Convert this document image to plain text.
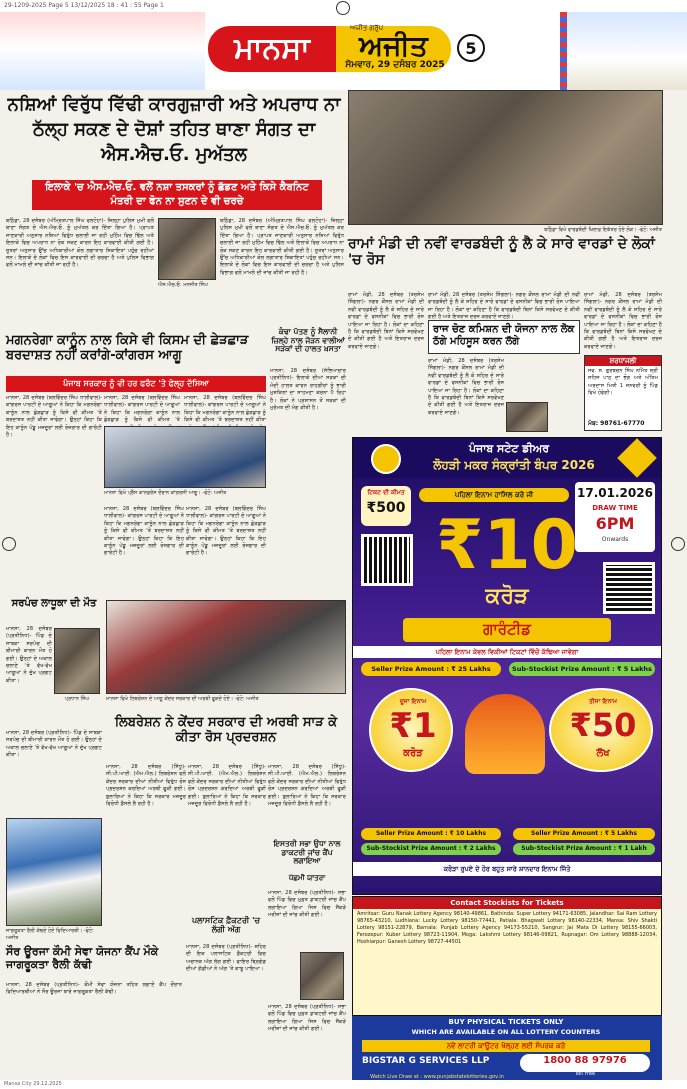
29-1209-2025 Page 5 13/12/2025 18 : 41 : 55 Page 1
ਮਾਨਸਾ	ਅਜੀਤ
ਅਜੀਤ ਗਰੁੱਪ
ਸੋਮਵਾਰ, 29 ਦਸੰਬਰ 2025
5
ਨਸ਼ਿਆਂ ਵਿਰੁੱਧ ਵਿੱਢੀ ਕਾਰਗੁਜ਼ਾਰੀ ਅਤੇ ਅਪਰਾਧ ਨਾ ਠੱਲ੍ਹ ਸਕਣ ਦੇ ਦੋਸ਼ਾਂ ਤਹਿਤ ਥਾਣਾ ਸੰਗਤ ਦਾ ਐਸ.ਐਚ.ਓ. ਮੁਅੱਤਲ
ਇਲਾਕੇ 'ਚ ਐਸ.ਐਚ.ਓ. ਵਲੋਂ ਨਸ਼ਾ ਤਸਕਰਾਂ ਨੂੰ ਛੱਡਣ ਅਤੇ ਕਿਸੇ ਕੈਬਨਿਟ ਮੰਤਰੀ ਦਾ ਫੋਨ ਨਾ ਸੁਣਨ ਦੇ ਵੀ ਚਰਚੇ
ਬਠਿੰਡਾ, 28 ਦਸੰਬਰ (ਅੰਮ੍ਰਿਤਪਾਲ ਸਿੰਘ ਵਲਟੋਹਾ)- ਜ਼ਿਲ੍ਹਾ ਪੁਲਿਸ ਮੁਖੀ ਵਲੋਂ ਥਾਣਾ ਸੰਗਤ ਦੇ ਐਸ.ਐਚ.ਓ. ਨੂੰ ਮੁਅੱਤਲ ਕਰ ਦਿੱਤਾ ਗਿਆ ਹੈ। ਪ੍ਰਾਪਤ ਜਾਣਕਾਰੀ ਅਨੁਸਾਰ ਨਸ਼ਿਆਂ ਵਿਰੁੱਧ ਚਲਾਈ ਜਾ ਰਹੀ ਮੁਹਿੰਮ ਵਿਚ ਢਿੱਲ ਅਤੇ ਇਲਾਕੇ ਵਿਚ ਅਪਰਾਧ ਨਾ ਰੋਕ ਸਕਣ ਕਾਰਨ ਇਹ ਕਾਰਵਾਈ ਕੀਤੀ ਗਈ ਹੈ। ਸੂਤਰਾਂ ਅਨੁਸਾਰ ਉੱਚ ਅਧਿਕਾਰੀਆਂ ਕੋਲ ਲਗਾਤਾਰ ਸ਼ਿਕਾਇਤਾਂ ਪਹੁੰਚ ਰਹੀਆਂ ਸਨ। ਇਲਾਕੇ ਦੇ ਲੋਕਾਂ ਵਿਚ ਇਸ ਕਾਰਵਾਈ ਦੀ ਚਰਚਾ ਹੈ ਅਤੇ ਪੁਲਿਸ ਵਿਭਾਗ ਵਲੋਂ ਮਾਮਲੇ ਦੀ ਜਾਂਚ ਕੀਤੀ ਜਾ ਰਹੀ ਹੈ।
ਐਸ.ਐਚ.ਓ. ਮਨਜੀਤ ਸਿੰਘ
ਬਠਿੰਡਾ, 28 ਦਸੰਬਰ (ਅੰਮ੍ਰਿਤਪਾਲ ਸਿੰਘ ਵਲਟੋਹਾ)- ਜ਼ਿਲ੍ਹਾ ਪੁਲਿਸ ਮੁਖੀ ਵਲੋਂ ਥਾਣਾ ਸੰਗਤ ਦੇ ਐਸ.ਐਚ.ਓ. ਨੂੰ ਮੁਅੱਤਲ ਕਰ ਦਿੱਤਾ ਗਿਆ ਹੈ। ਪ੍ਰਾਪਤ ਜਾਣਕਾਰੀ ਅਨੁਸਾਰ ਨਸ਼ਿਆਂ ਵਿਰੁੱਧ ਚਲਾਈ ਜਾ ਰਹੀ ਮੁਹਿੰਮ ਵਿਚ ਢਿੱਲ ਅਤੇ ਇਲਾਕੇ ਵਿਚ ਅਪਰਾਧ ਨਾ ਰੋਕ ਸਕਣ ਕਾਰਨ ਇਹ ਕਾਰਵਾਈ ਕੀਤੀ ਗਈ ਹੈ। ਸੂਤਰਾਂ ਅਨੁਸਾਰ ਉੱਚ ਅਧਿਕਾਰੀਆਂ ਕੋਲ ਲਗਾਤਾਰ ਸ਼ਿਕਾਇਤਾਂ ਪਹੁੰਚ ਰਹੀਆਂ ਸਨ। ਇਲਾਕੇ ਦੇ ਲੋਕਾਂ ਵਿਚ ਇਸ ਕਾਰਵਾਈ ਦੀ ਚਰਚਾ ਹੈ ਅਤੇ ਪੁਲਿਸ ਵਿਭਾਗ ਵਲੋਂ ਮਾਮਲੇ ਦੀ ਜਾਂਚ ਕੀਤੀ ਜਾ ਰਹੀ ਹੈ।
ਬਠਿੰਡਾ ਵਿਖੇ ਵਾਰਡਬੰਦੀ ਖ਼ਿਲਾਫ਼ ਇਕੱਤਰ ਹੋਏ ਲੋਕ। -ਫੋਟੋ: ਅਜੀਤ
ਰਾਮਾਂ ਮੰਡੀ ਦੀ ਨਵੀਂ ਵਾਰਡਬੰਦੀ ਨੂੰ ਲੈ ਕੇ ਸਾਰੇ ਵਾਰਡਾਂ ਦੇ ਲੋਕਾਂ 'ਚ ਰੋਸ
ਰਾਮਾਂ ਮੰਡੀ, 28 ਦਸੰਬਰ (ਤਰਸੇਮ ਸਿੰਗਲਾ)- ਨਗਰ ਕੌਂਸਲ ਰਾਮਾਂ ਮੰਡੀ ਦੀ ਨਵੀਂ ਵਾਰਡਬੰਦੀ ਨੂੰ ਲੈ ਕੇ ਸ਼ਹਿਰ ਦੇ ਸਾਰੇ ਵਾਰਡਾਂ ਦੇ ਵਸਨੀਕਾਂ ਵਿਚ ਭਾਰੀ ਰੋਸ ਪਾਇਆ ਜਾ ਰਿਹਾ ਹੈ। ਲੋਕਾਂ ਦਾ ਕਹਿਣਾ ਹੈ ਕਿ ਵਾਰਡਬੰਦੀ ਬਿਨਾਂ ਕਿਸੇ ਸਰਵੇਖਣ ਦੇ ਕੀਤੀ ਗਈ ਹੈ ਅਤੇ ਇਤਰਾਜ਼ ਦਰਜ ਕਰਵਾਏ ਜਾਣਗੇ।
ਰਾਜ ਚੋਣ ਕਮਿਸ਼ਨ ਦੀ ਯੋਜਨਾ ਨਾਲ ਲੋਕ ਠੱਗੇ ਮਹਿਸੂਸ ਕਰਨ ਲੱਗੇ
ਰਾਮਾਂ ਮੰਡੀ, 28 ਦਸੰਬਰ (ਤਰਸੇਮ ਸਿੰਗਲਾ)- ਨਗਰ ਕੌਂਸਲ ਰਾਮਾਂ ਮੰਡੀ ਦੀ ਨਵੀਂ ਵਾਰਡਬੰਦੀ ਨੂੰ ਲੈ ਕੇ ਸ਼ਹਿਰ ਦੇ ਸਾਰੇ ਵਾਰਡਾਂ ਦੇ ਵਸਨੀਕਾਂ ਵਿਚ ਭਾਰੀ ਰੋਸ ਪਾਇਆ ਜਾ ਰਿਹਾ ਹੈ। ਲੋਕਾਂ ਦਾ ਕਹਿਣਾ ਹੈ ਕਿ ਵਾਰਡਬੰਦੀ ਬਿਨਾਂ ਕਿਸੇ ਸਰਵੇਖਣ ਦੇ ਕੀਤੀ ਗਈ ਹੈ ਅਤੇ ਇਤਰਾਜ਼ ਦਰਜ ਕਰਵਾਏ ਜਾਣਗੇ।
ਰਾਮਾਂ ਮੰਡੀ, 28 ਦਸੰਬਰ (ਤਰਸੇਮ ਸਿੰਗਲਾ)- ਨਗਰ ਕੌਂਸਲ ਰਾਮਾਂ ਮੰਡੀ ਦੀ ਨਵੀਂ ਵਾਰਡਬੰਦੀ ਨੂੰ ਲੈ ਕੇ ਸ਼ਹਿਰ ਦੇ ਸਾਰੇ ਵਾਰਡਾਂ ਦੇ ਵਸਨੀਕਾਂ ਵਿਚ ਭਾਰੀ ਰੋਸ ਪਾਇਆ ਜਾ ਰਿਹਾ ਹੈ। ਲੋਕਾਂ ਦਾ ਕਹਿਣਾ ਹੈ ਕਿ ਵਾਰਡਬੰਦੀ ਬਿਨਾਂ ਕਿਸੇ ਸਰਵੇਖਣ ਦੇ ਕੀਤੀ ਗਈ ਹੈ ਅਤੇ ਇਤਰਾਜ਼ ਦਰਜ ਕਰਵਾਏ ਜਾਣਗੇ।
ਰਾਮਾਂ ਮੰਡੀ, 28 ਦਸੰਬਰ (ਤਰਸੇਮ ਸਿੰਗਲਾ)- ਨਗਰ ਕੌਂਸਲ ਰਾਮਾਂ ਮੰਡੀ ਦੀ ਨਵੀਂ ਵਾਰਡਬੰਦੀ ਨੂੰ ਲੈ ਕੇ ਸ਼ਹਿਰ ਦੇ ਸਾਰੇ ਵਾਰਡਾਂ ਦੇ ਵਸਨੀਕਾਂ ਵਿਚ ਭਾਰੀ ਰੋਸ ਪਾਇਆ ਜਾ ਰਿਹਾ ਹੈ। ਲੋਕਾਂ ਦਾ ਕਹਿਣਾ ਹੈ ਕਿ ਵਾਰਡਬੰਦੀ ਬਿਨਾਂ ਕਿਸੇ ਸਰਵੇਖਣ ਦੇ ਕੀਤੀ ਗਈ ਹੈ ਅਤੇ ਇਤਰਾਜ਼ ਦਰਜ ਕਰਵਾਏ ਜਾਣਗੇ।
ਸ਼ਰਧਾਂਜਲੀ
ਸਵ. ਸ. ਗੁਰਬਚਨ ਸਿੰਘ ਨਮਿੱਤ ਸ਼੍ਰੀ ਸਹਿਜ ਪਾਠ ਦਾ ਭੋਗ ਅਤੇ ਅੰਤਿਮ ਅਰਦਾਸ ਮਿਤੀ 1 ਜਨਵਰੀ ਨੂੰ ਪਿੰਡ ਵਿਖੇ ਹੋਵੇਗੀ।
ਮੋਬ: 98761-67770
ਮਗਨਰੇਗਾ ਕਾਨੂੰਨ ਨਾਲ ਕਿਸੇ ਵੀ ਕਿਸਮ ਦੀ ਛੇੜਛਾੜ ਬਰਦਾਸ਼ਤ ਨਹੀਂ ਕਰਾਂਗੇ-ਕਾਂਗਰਸ ਆਗੂ
ਪੰਜਾਬ ਸਰਕਾਰ ਨੂੰ ਵੀ ਹਰ ਫਰੰਟ 'ਤੇ ਫੇਲ੍ਹ ਦੱਸਿਆ
ਮਾਨਸਾ, 28 ਦਸੰਬਰ (ਬਲਵਿੰਦਰ ਸਿੰਘ ਧਾਲੀਵਾਲ)- ਕਾਂਗਰਸ ਪਾਰਟੀ ਦੇ ਆਗੂਆਂ ਨੇ ਕਿਹਾ ਕਿ ਮਗਨਰੇਗਾ ਕਾਨੂੰਨ ਨਾਲ ਛੇੜਛਾੜ ਨੂੰ ਕਿਸੇ ਵੀ ਕੀਮਤ 'ਤੇ ਬਰਦਾਸ਼ਤ ਨਹੀਂ ਕੀਤਾ ਜਾਵੇਗਾ। ਉਨ੍ਹਾਂ ਕਿਹਾ ਕਿ ਇਹ ਕਾਨੂੰਨ ਪੇਂਡੂ ਮਜ਼ਦੂਰਾਂ ਲਈ ਰੋਜ਼ਗਾਰ ਦੀ ਗਾਰੰਟੀ ਹੈ।
ਮਾਨਸਾ, 28 ਦਸੰਬਰ (ਬਲਵਿੰਦਰ ਸਿੰਘ ਧਾਲੀਵਾਲ)- ਕਾਂਗਰਸ ਪਾਰਟੀ ਦੇ ਆਗੂਆਂ ਨੇ ਕਿਹਾ ਕਿ ਮਗਨਰੇਗਾ ਕਾਨੂੰਨ ਨਾਲ ਛੇੜਛਾੜ ਨੂੰ ਕਿਸੇ ਵੀ ਕੀਮਤ 'ਤੇ
ਮਾਨਸਾ, 28 ਦਸੰਬਰ (ਬਲਵਿੰਦਰ ਸਿੰਘ ਧਾਲੀਵਾਲ)- ਕਾਂਗਰਸ ਪਾਰਟੀ ਦੇ ਆਗੂਆਂ ਨੇ ਕਿਹਾ ਕਿ ਮਗਨਰੇਗਾ ਕਾਨੂੰਨ ਨਾਲ ਛੇੜਛਾੜ ਨੂੰ ਕਿਸੇ ਵੀ ਕੀਮਤ 'ਤੇ ਬਰਦਾਸ਼ਤ ਨਹੀਂ ਕੀਤਾ
ਮਾਨਸਾ ਵਿਖੇ ਪ੍ਰੈੱਸ ਕਾਨਫ਼ਰੰਸ ਦੌਰਾਨ ਕਾਂਗਰਸੀ ਆਗੂ। -ਫੋਟੋ: ਅਜੀਤ
ਮਾਨਸਾ, 28 ਦਸੰਬਰ (ਬਲਵਿੰਦਰ ਸਿੰਘ ਧਾਲੀਵਾਲ)- ਕਾਂਗਰਸ ਪਾਰਟੀ ਦੇ ਆਗੂਆਂ ਨੇ ਕਿਹਾ ਕਿ ਮਗਨਰੇਗਾ ਕਾਨੂੰਨ ਨਾਲ ਛੇੜਛਾੜ ਨੂੰ ਕਿਸੇ ਵੀ ਕੀਮਤ 'ਤੇ ਬਰਦਾਸ਼ਤ ਨਹੀਂ ਕੀਤਾ ਜਾਵੇਗਾ। ਉਨ੍ਹਾਂ ਕਿਹਾ ਕਿ ਇਹ ਕਾਨੂੰਨ ਪੇਂਡੂ ਮਜ਼ਦੂਰਾਂ ਲਈ ਰੋਜ਼ਗਾਰ ਦੀ ਗਾਰੰਟੀ ਹੈ।
ਮਾਨਸਾ, 28 ਦਸੰਬਰ (ਬਲਵਿੰਦਰ ਸਿੰਘ ਧਾਲੀਵਾਲ)- ਕਾਂਗਰਸ ਪਾਰਟੀ ਦੇ ਆਗੂਆਂ ਨੇ ਕਿਹਾ ਕਿ ਮਗਨਰੇਗਾ ਕਾਨੂੰਨ ਨਾਲ ਛੇੜਛਾੜ ਨੂੰ ਕਿਸੇ ਵੀ ਕੀਮਤ 'ਤੇ ਬਰਦਾਸ਼ਤ ਨਹੀਂ ਕੀਤਾ ਜਾਵੇਗਾ। ਉਨ੍ਹਾਂ ਕਿਹਾ ਕਿ ਇਹ ਕਾਨੂੰਨ ਪੇਂਡੂ ਮਜ਼ਦੂਰਾਂ ਲਈ ਰੋਜ਼ਗਾਰ ਦੀ ਗਾਰੰਟੀ ਹੈ।
ਕੰਢਾ ਪੱਤਣ ਨੂੰ ਸੈਲਾਨੀ ਜ਼ਿਲ੍ਹੇ ਨਾਲ ਜੋੜਨ ਵਾਲੀਆਂ ਸੜਕਾਂ ਦੀ ਹਾਲਤ ਖ਼ਸਤਾ
ਮਾਨਸਾ, 28 ਦਸੰਬਰ (ਸੱਭਿਆਚਾਰ ਪ੍ਰਤੀਨਿਧ)- ਇਲਾਕੇ ਦੀਆਂ ਸੜਕਾਂ ਦੀ ਮੰਦੀ ਹਾਲਤ ਕਾਰਨ ਰਾਹਗੀਰਾਂ ਨੂੰ ਭਾਰੀ ਮੁਸ਼ਕਿਲਾਂ ਦਾ ਸਾਹਮਣਾ ਕਰਨਾ ਪੈ ਰਿਹਾ ਹੈ। ਲੋਕਾਂ ਨੇ ਪ੍ਰਸ਼ਾਸਨ ਤੋਂ ਸੜਕਾਂ ਦੀ ਮੁਰੰਮਤ ਦੀ ਮੰਗ ਕੀਤੀ ਹੈ।
ਸਰਪੰਚ ਲਾਧੂਕਾ ਦੀ ਮੌਤ
ਮਾਨਸਾ, 28 ਦਸੰਬਰ (ਪ੍ਰਤੀਨਿਧ)- ਪਿੰਡ ਦੇ ਸਾਬਕਾ ਸਰਪੰਚ ਦੀ ਬੀਮਾਰੀ ਕਾਰਨ ਮੌਤ ਹੋ ਗਈ। ਉਨ੍ਹਾਂ ਦੇ ਅਕਾਲ ਚਲਾਣੇ 'ਤੇ ਵੱਖ-ਵੱਖ ਆਗੂਆਂ ਨੇ ਦੁੱਖ ਪ੍ਰਗਟ ਕੀਤਾ।
ਪ੍ਰਧਾਨ ਸਿੰਘ
ਮਾਨਸਾ, 28 ਦਸੰਬਰ (ਪ੍ਰਤੀਨਿਧ)- ਪਿੰਡ ਦੇ ਸਾਬਕਾ ਸਰਪੰਚ ਦੀ ਬੀਮਾਰੀ ਕਾਰਨ ਮੌਤ ਹੋ ਗਈ। ਉਨ੍ਹਾਂ ਦੇ ਅਕਾਲ ਚਲਾਣੇ 'ਤੇ ਵੱਖ-ਵੱਖ ਆਗੂਆਂ ਨੇ ਦੁੱਖ ਪ੍ਰਗਟ ਕੀਤਾ।
ਮਾਨਸਾ ਵਿਖੇ ਲਿਬਰੇਸ਼ਨ ਦੇ ਆਗੂ ਕੇਂਦਰ ਸਰਕਾਰ ਦੀ ਅਰਥੀ ਫੂਕਦੇ ਹੋਏ। -ਫੋਟੋ: ਅਜੀਤ
ਲਿਬਰੇਸ਼ਨ ਨੇ ਕੇਂਦਰ ਸਰਕਾਰ ਦੀ ਅਰਥੀ ਸਾੜ ਕੇ ਕੀਤਾ ਰੋਸ ਪ੍ਰਦਰਸ਼ਨ
ਮਾਨਸਾ, 28 ਦਸੰਬਰ (ਸਿੱਧੂ)- ਸੀ.ਪੀ.ਆਈ. (ਐਮ.ਐਲ.) ਲਿਬਰੇਸ਼ਨ ਵਲੋਂ ਕੇਂਦਰ ਸਰਕਾਰ ਦੀਆਂ ਨੀਤੀਆਂ ਵਿਰੁੱਧ ਰੋਸ ਪ੍ਰਦਰਸ਼ਨ ਕਰਦਿਆਂ ਅਰਥੀ ਫੂਕੀ ਗਈ। ਬੁਲਾਰਿਆਂ ਨੇ ਕਿਹਾ ਕਿ ਸਰਕਾਰ ਮਜ਼ਦੂਰ ਵਿਰੋਧੀ ਫ਼ੈਸਲੇ ਲੈ ਰਹੀ ਹੈ।
ਮਾਨਸਾ, 28 ਦਸੰਬਰ (ਸਿੱਧੂ)- ਸੀ.ਪੀ.ਆਈ. (ਐਮ.ਐਲ.) ਲਿਬਰੇਸ਼ਨ ਵਲੋਂ ਕੇਂਦਰ ਸਰਕਾਰ ਦੀਆਂ ਨੀਤੀਆਂ ਵਿਰੁੱਧ ਰੋਸ ਪ੍ਰਦਰਸ਼ਨ ਕਰਦਿਆਂ ਅਰਥੀ ਫੂਕੀ ਗਈ। ਬੁਲਾਰਿਆਂ ਨੇ ਕਿਹਾ ਕਿ ਸਰਕਾਰ ਮਜ਼ਦੂਰ ਵਿਰੋਧੀ ਫ਼ੈਸਲੇ ਲੈ ਰਹੀ ਹੈ।
ਮਾਨਸਾ, 28 ਦਸੰਬਰ (ਸਿੱਧੂ)- ਸੀ.ਪੀ.ਆਈ. (ਐਮ.ਐਲ.) ਲਿਬਰੇਸ਼ਨ ਵਲੋਂ ਕੇਂਦਰ ਸਰਕਾਰ ਦੀਆਂ ਨੀਤੀਆਂ ਵਿਰੁੱਧ ਰੋਸ ਪ੍ਰਦਰਸ਼ਨ ਕਰਦਿਆਂ ਅਰਥੀ ਫੂਕੀ ਗਈ। ਬੁਲਾਰਿਆਂ ਨੇ ਕਿਹਾ ਕਿ ਸਰਕਾਰ ਮਜ਼ਦੂਰ ਵਿਰੋਧੀ ਫ਼ੈਸਲੇ ਲੈ ਰਹੀ ਹੈ।
ਜਾਗਰੂਕਤਾ ਰੈਲੀ ਕੱਢਦੇ ਹੋਏ ਵਿਦਿਆਰਥੀ। -ਫੋਟੋ: ਅਜੀਤ
ਸੌਰ ਊਰਜਾ ਕੌਮੀ ਸੇਵਾ ਯੋਜਨਾ ਕੈਂਪ ਮੌਕੇ ਜਾਗਰੂਕਤਾ ਰੈਲੀ ਕੱਢੀ
ਮਾਨਸਾ, 28 ਦਸੰਬਰ (ਪ੍ਰਤੀਨਿਧ)- ਕੌਮੀ ਸੇਵਾ ਯੋਜਨਾ ਤਹਿਤ ਲਗਾਏ ਕੈਂਪ ਦੌਰਾਨ ਵਿਦਿਆਰਥੀਆਂ ਨੇ ਸੌਰ ਊਰਜਾ ਬਾਰੇ ਜਾਗਰੂਕਤਾ ਰੈਲੀ ਕੱਢੀ।
ਪਲਾਸਟਿਕ ਫ਼ੈਕਟਰੀ 'ਚ ਲੱਗੀ ਅੱਗ
ਮਾਨਸਾ, 28 ਦਸੰਬਰ (ਪ੍ਰਤੀਨਿਧ)- ਸ਼ਹਿਰ ਦੀ ਇਕ ਪਲਾਸਟਿਕ ਫ਼ੈਕਟਰੀ ਵਿਚ ਅਚਾਨਕ ਅੱਗ ਲੱਗ ਗਈ। ਫਾਇਰ ਬ੍ਰਿਗੇਡ ਦੀਆਂ ਗੱਡੀਆਂ ਨੇ ਅੱਗ 'ਤੇ ਕਾਬੂ ਪਾਇਆ।
ਇਸਤਰੀ ਸਭਾ ਉਧਾ ਨਾਲ ਡਾਕਟਰੀ ਜਾਂਚ ਕੈਂਪ ਲਗਾਇਆ
ਪੱਛਮੀ ਯਾਤਰਾ
ਮਾਨਸਾ, 28 ਦਸੰਬਰ (ਪ੍ਰਤੀਨਿਧ)- ਸਭਾ ਵਲੋਂ ਪਿੰਡ ਵਿਚ ਮੁਫ਼ਤ ਡਾਕਟਰੀ ਜਾਂਚ ਕੈਂਪ ਲਗਾਇਆ ਗਿਆ ਜਿਸ ਵਿਚ ਸੈਂਕੜੇ ਮਰੀਜ਼ਾਂ ਦੀ ਜਾਂਚ ਕੀਤੀ ਗਈ।
ਮਾਨਸਾ, 28 ਦਸੰਬਰ (ਪ੍ਰਤੀਨਿਧ)- ਸਭਾ ਵਲੋਂ ਪਿੰਡ ਵਿਚ ਮੁਫ਼ਤ ਡਾਕਟਰੀ ਜਾਂਚ ਕੈਂਪ ਲਗਾਇਆ ਗਿਆ ਜਿਸ ਵਿਚ ਸੈਂਕੜੇ ਮਰੀਜ਼ਾਂ ਦੀ ਜਾਂਚ ਕੀਤੀ ਗਈ।
ਪੰਜਾਬ ਸਟੇਟ ਡੀਅਰ
ਲੋਹੜੀ ਮਕਰ ਸੰਕ੍ਰਾਂਤੀ ਬੰਪਰ 2026
ਟਿਕਟ ਦੀ ਕੀਮਤ
₹500
ਪਹਿਲਾ ਇਨਾਮ ਹਾਸਿਲ ਕਰੋ ਜੀ	17.01.2026
DRAW TIME
6PM
Onwards
₹10
ਕਰੋੜ
ਗਾਰੰਟੀਡ
ਪਹਿਲਾ ਇਨਾਮ ਕੇਵਲ ਵਿਕੀਆਂ ਟਿਕਟਾਂ ਵਿੱਚੋਂ ਕੱਢਿਆ ਜਾਵੇਗਾ
Seller Prize Amount : ₹ 25 Lakhs	Sub-Stockist Prize Amount : ₹ 5 Lakhs
ਦੂਜਾ ਇਨਾਮ
₹1
ਕਰੋੜ
ਤੀਜਾ ਇਨਾਮ
₹50
ਲੱਖ
Seller Prize Amount : ₹ 10 Lakhs
Sub-Stockist Prize Amount : ₹ 2 Lakhs
Seller Prize Amount : ₹ 5 Lakhs
Sub-Stockist Prize Amount : ₹ 1 Lakh
ਕਰੋੜਾ ਰੁਪਏ ਦੇ ਹੋਰ ਬਹੁਤ ਸਾਰੇ ਸ਼ਾਨਦਾਰ ਇਨਾਮ ਜਿੱਤੋ
Contact Stockists for Tickets
Amritsar: Guru Nanak Lottery Agency 98140-49861, Bathinda: Super Lottery 94171-63085, Jalandhar: Sai Ram Lottery 98765-43210, Ludhiana: Lucky Lottery 98150-77441, Patiala: Bhagwati Lottery 98140-22334, Mansa: Shiv Shakti Lottery 98151-22879, Barnala: Punjab Lottery Agency 94173-55210, Sangrur: Jai Mata Di Lottery 98155-66003, Ferozepur: Kuber Lottery 98723-11904, Moga: Lakshmi Lottery 98146-09821, Rupnagar: Om Lottery 98888-12034, Hoshiarpur: Ganesh Lottery 98727-44501
BUY PHYSICAL TICKETS ONLY
WHICH ARE AVAILABLE ON ALL LOTTERY COUNTERS
ਨਵੇਂ ਲਾਟਰੀ ਕਾਊਂਟਰ ਖੋਲ੍ਹਣ ਲਈ ਸੰਪਰਕ ਕਰੋ
BIGSTAR G SERVICES LLP	1800 88 97976
Toll Free
Watch Live Draw at : www.punjabstatelotteries.gov.in
Mansa City 29.12.2025
